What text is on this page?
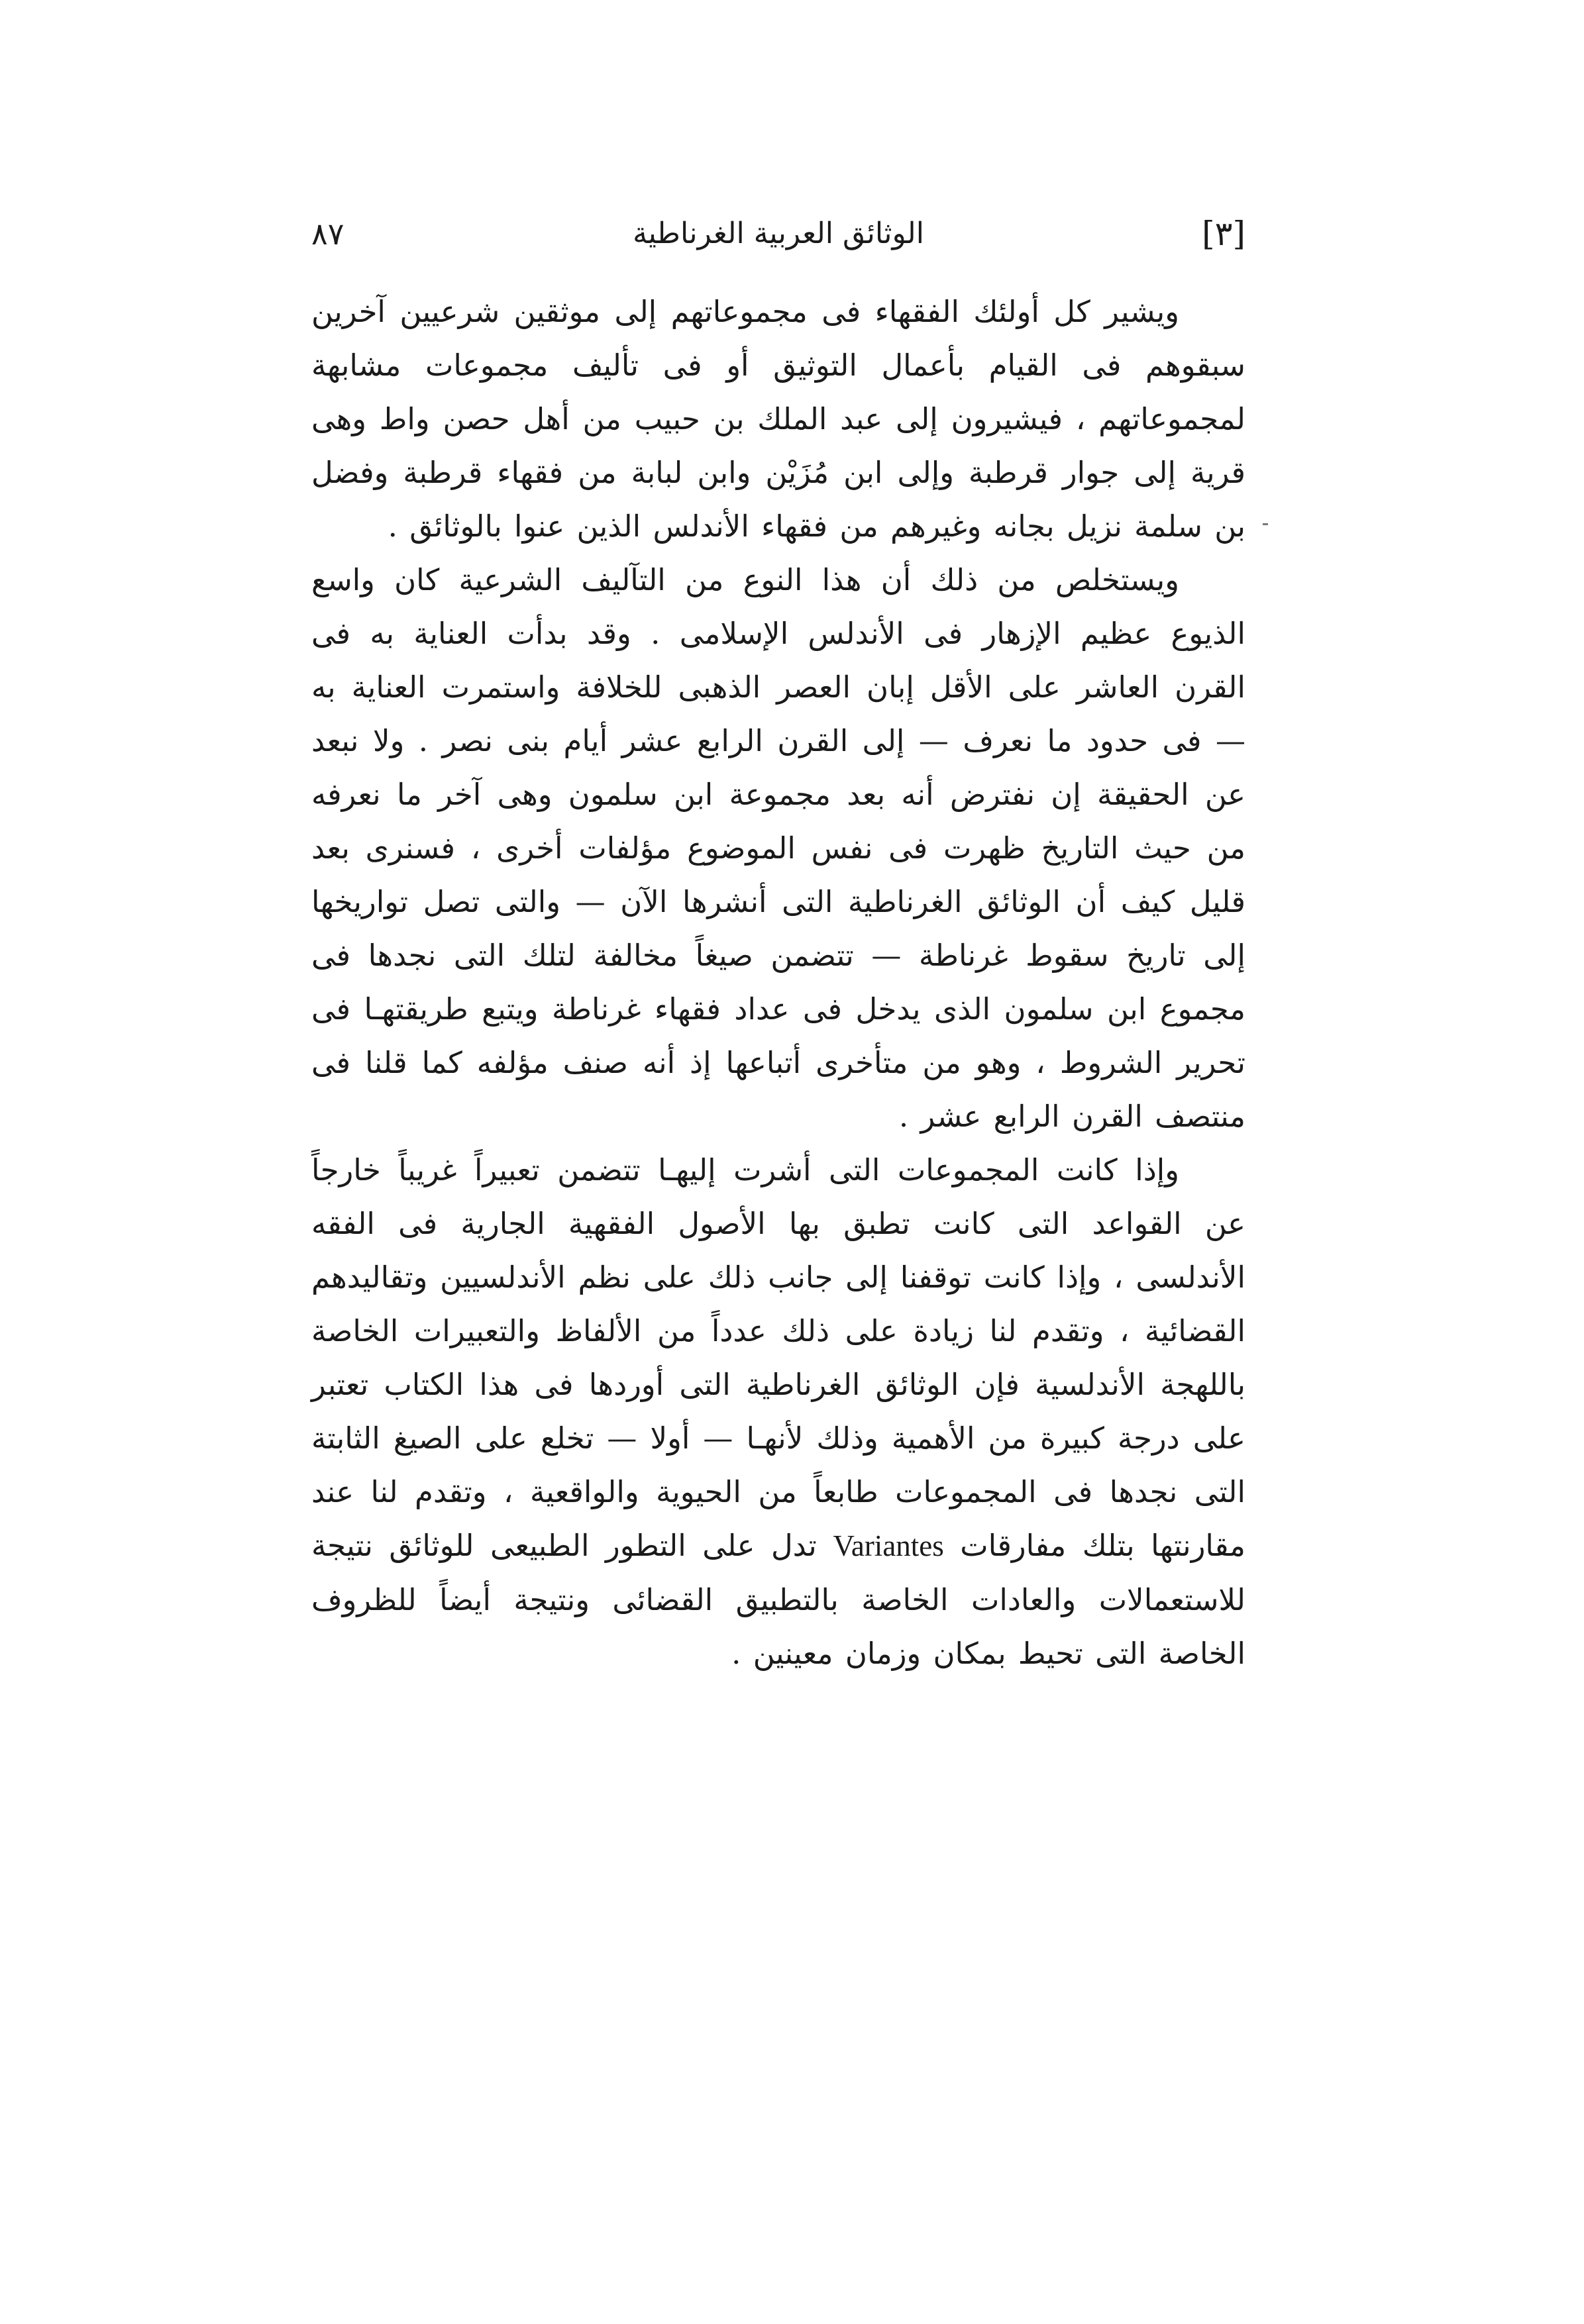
[٣]
الوثائق العربية الغرناطية
٨٧

ويشير كل أولئك الفقهاء فى مجموعاتهم إلى موثقين شرعيين آخرين سبقوهم فى القيام بأعمال التوثيق أو فى تأليف مجموعات مشابهة لمجموعاتهم ، فيشيرون إلى عبد الملك بن حبيب من أهل حصن واط وهى قرية إلى جوار قرطبة وإلى ابن مُزَيْن وابن لبابة من فقهاء قرطبة وفضل بن سلمة نزيل بجانه وغيرهم من فقهاء الأندلس الذين عنوا بالوثائق .

ويستخلص من ذلك أن هذا النوع من التآليف الشرعية كان واسع الذيوع عظيم الإزهار فى الأندلس الإسلامى . وقد بدأت العناية به فى القرن العاشر على الأقل إبان العصر الذهبى للخلافة واستمرت العناية به — فى حدود ما نعرف — إلى القرن الرابع عشر أيام بنى نصر . ولا نبعد عن الحقيقة إن نفترض أنه بعد مجموعة ابن سلمون وهى آخر ما نعرفه من حيث التاريخ ظهرت فى نفس الموضوع مؤلفات أخرى ، فسنرى بعد قليل كيف أن الوثائق الغرناطية التى أنشرها الآن — والتى تصل تواريخها إلى تاريخ سقوط غرناطة — تتضمن صيغاً مخالفة لتلك التى نجدها فى مجموع ابن سلمون الذى يدخل فى عداد فقهاء غرناطة ويتبع طريقتهـا فى تحرير الشروط ، وهو من متأخرى أتباعها إذ أنه صنف مؤلفه كما قلنا فى منتصف القرن الرابع عشر .

وإذا كانت المجموعات التى أشرت إليهـا تتضمن تعبيراً غريباً خارجاً عن القواعد التى كانت تطبق بها الأصول الفقهية الجارية فى الفقه الأندلسى ، وإذا كانت توقفنا إلى جانب ذلك على نظم الأندلسيين وتقاليدهم القضائية ، وتقدم لنا زيادة على ذلك عدداً من الألفاظ والتعبيرات الخاصة باللهجة الأندلسية فإن الوثائق الغرناطية التى أوردها فى هذا الكتاب تعتبر على درجة كبيرة من الأهمية وذلك لأنهـا — أولا — تخلع على الصيغ الثابتة التى نجدها فى المجموعات طابعاً من الحيوية والواقعية ، وتقدم لنا عند مقارنتها بتلك مفارقات Variantes تدل على التطور الطبيعى للوثائق نتيجة للاستعمالات والعادات الخاصة بالتطبيق القضائى ونتيجة أيضاً للظروف الخاصة التى تحيط بمكان وزمان معينين .
